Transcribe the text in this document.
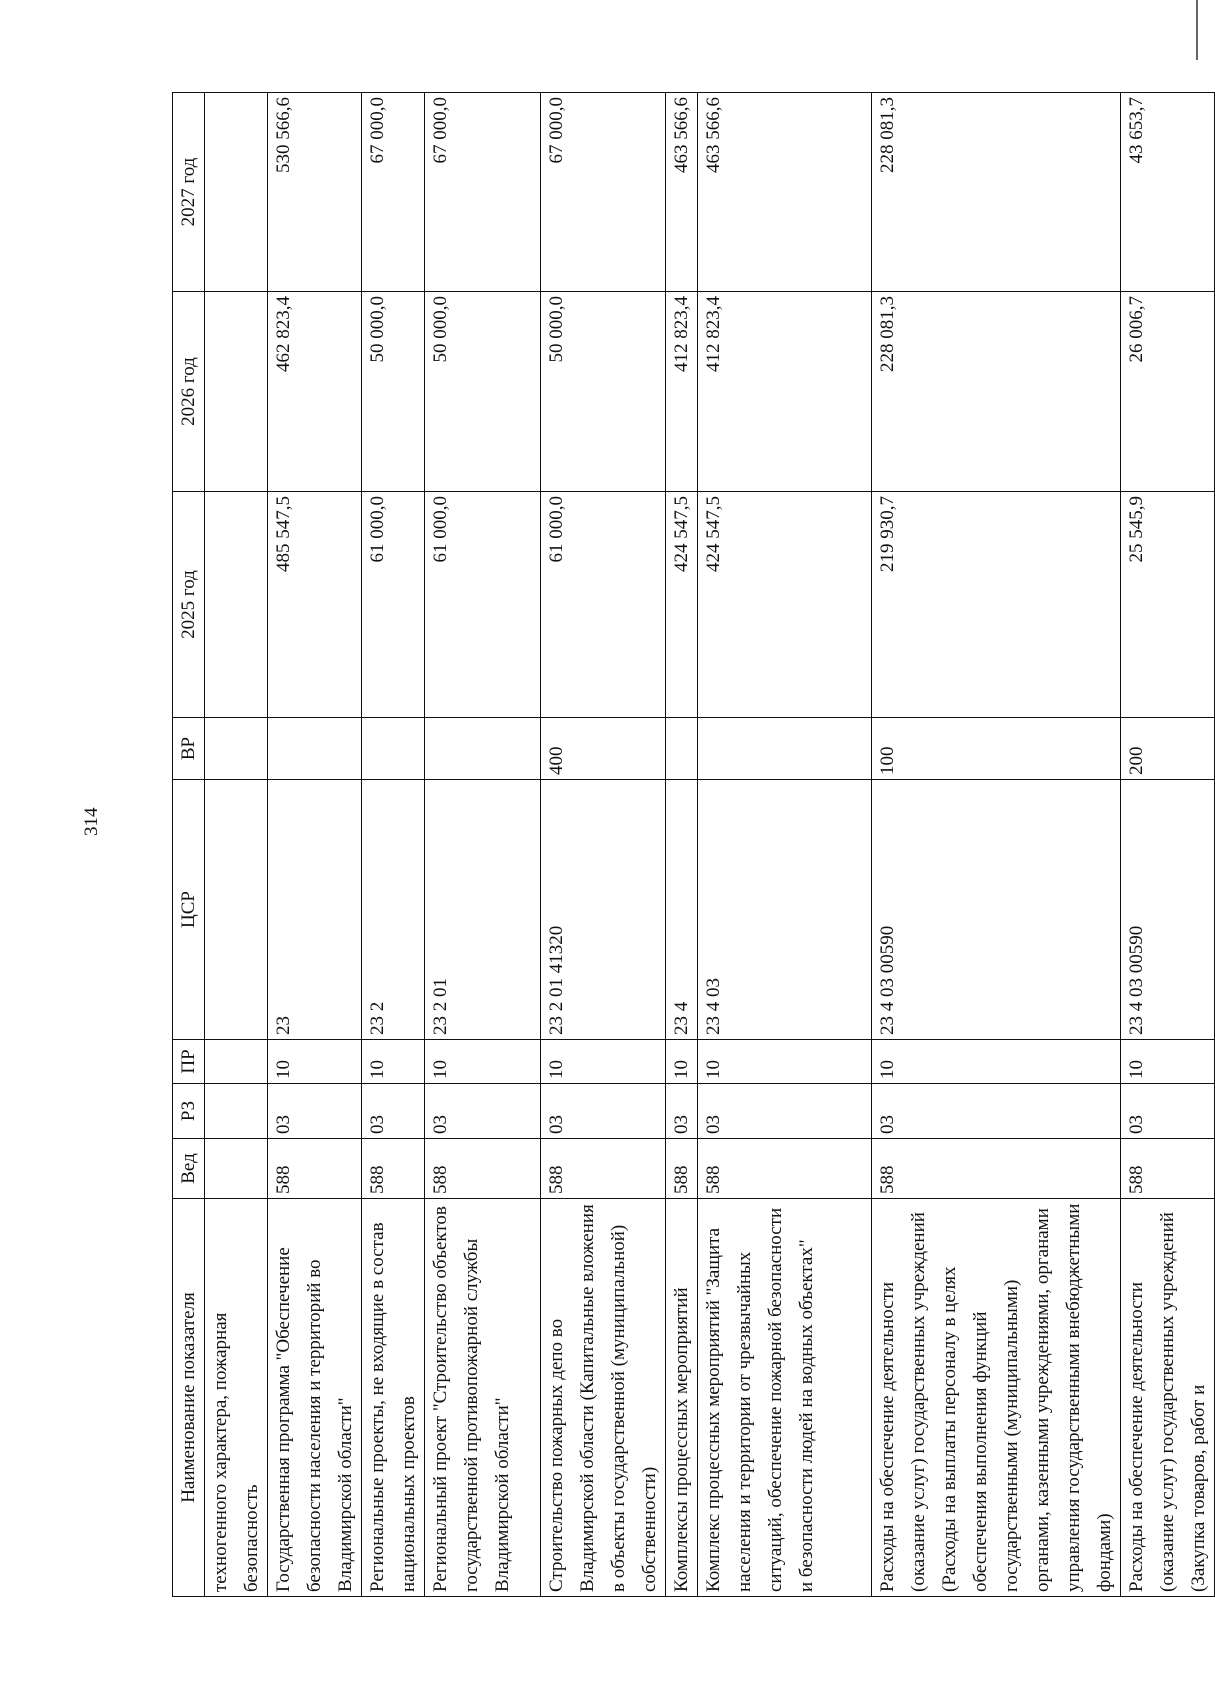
314
Наименование показателя	Вед	РЗ	ПР	ЦСР	ВР	2025 год	2026 год	2027 год
техногенного характера, пожарная безопасность								
Государственная программа "Обеспечение безопасности населения и территорий во Владимирской области"	588	03	10	23		485 547,5	462 823,4	530 566,6
Региональные проекты, не входящие в состав национальных проектов	588	03	10	23 2		61 000,0	50 000,0	67 000,0
Региональный проект "Строительство объектов государственной противопожарной службы Владимирской области"	588	03	10	23 2 01		61 000,0	50 000,0	67 000,0
Строительство пожарных депо во Владимирской области (Капитальные вложения в объекты государственной (муниципальной) собственности)	588	03	10	23 2 01 41320	400	61 000,0	50 000,0	67 000,0
Комплексы процессных мероприятий	588	03	10	23 4		424 547,5	412 823,4	463 566,6
Комплекс процессных мероприятий "Защита населения и территории от чрезвычайных ситуаций, обеспечение пожарной безопасности и безопасности людей на водных объектах"	588	03	10	23 4 03		424 547,5	412 823,4	463 566,6
Расходы на обеспечение деятельности (оказание услуг) государственных учреждений (Расходы на выплаты персоналу в целях обеспечения выполнения функций государственными (муниципальными) органами, казенными учреждениями, органами управления государственными внебюджетными фондами)	588	03	10	23 4 03 00590	100	219 930,7	228 081,3	228 081,3
Расходы на обеспечение деятельности (оказание услуг) государственных учреждений (Закупка товаров, работ и	588	03	10	23 4 03 00590	200	25 545,9	26 006,7	43 653,7
